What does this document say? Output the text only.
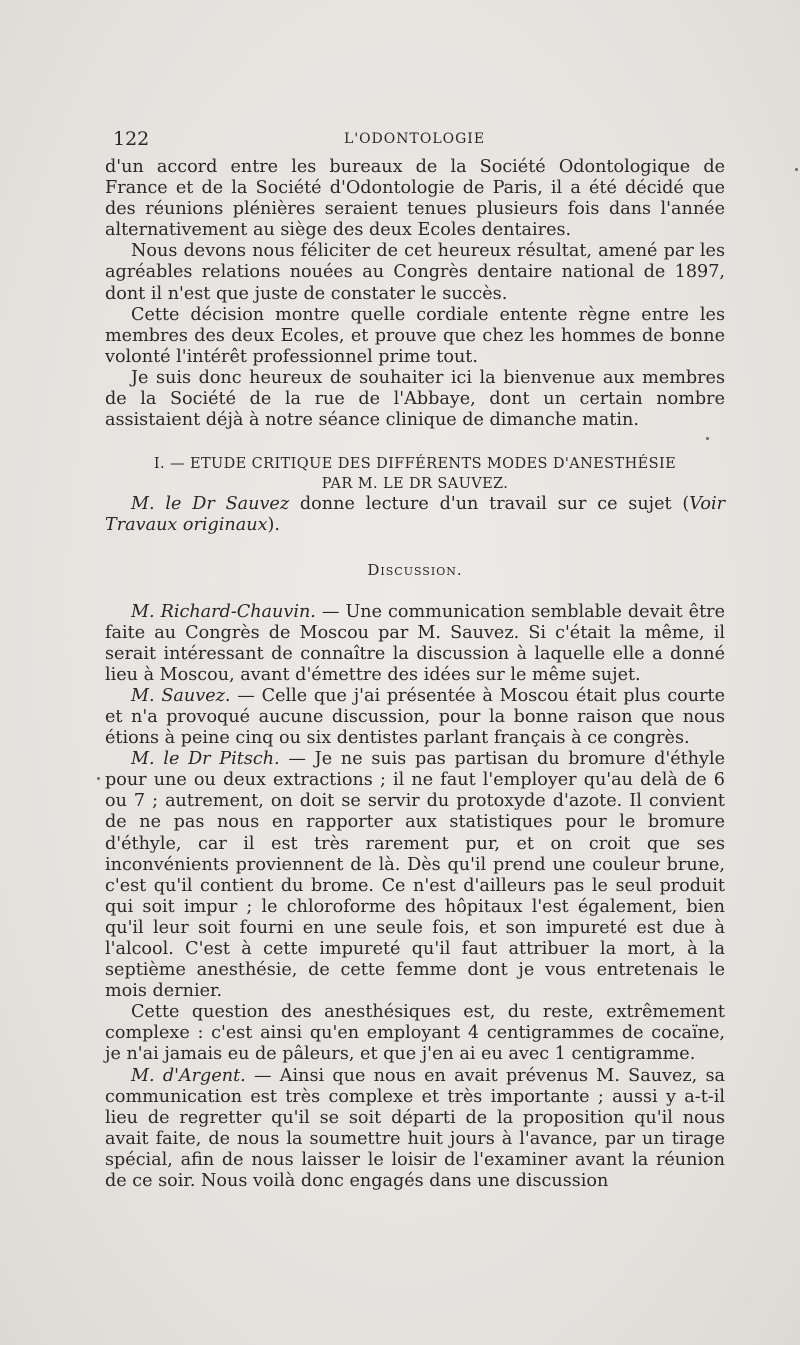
122	L'ODONTOLOGIE

d'un accord entre les bureaux de la Société Odontologique de France et de la Société d'Odontologie de Paris, il a été décidé que des réunions plénières seraient tenues plusieurs fois dans l'année alternativement au siège des deux Ecoles dentaires.

Nous devons nous féliciter de cet heureux résultat, amené par les agréables relations nouées au Congrès dentaire national de 1897, dont il n'est que juste de constater le succès.

Cette décision montre quelle cordiale entente règne entre les membres des deux Ecoles, et prouve que chez les hommes de bonne volonté l'intérêt professionnel prime tout.

Je suis donc heureux de souhaiter ici la bienvenue aux membres de la Société de la rue de l'Abbaye, dont un certain nombre assistaient déjà à notre séance clinique de dimanche matin.

I. — ETUDE CRITIQUE DES DIFFÉRENTS MODES D'ANESTHÉSIE
PAR M. LE DR SAUVEZ.

M. le Dr Sauvez donne lecture d'un travail sur ce sujet (Voir Travaux originaux).

Discussion.

M. Richard-Chauvin. — Une communication semblable devait être faite au Congrès de Moscou par M. Sauvez. Si c'était la même, il serait intéressant de connaître la discussion à laquelle elle a donné lieu à Moscou, avant d'émettre des idées sur le même sujet.

M. Sauvez. — Celle que j'ai présentée à Moscou était plus courte et n'a provoqué aucune discussion, pour la bonne raison que nous étions à peine cinq ou six dentistes parlant français à ce congrès.

M. le Dr Pitsch. — Je ne suis pas partisan du bromure d'éthyle pour une ou deux extractions ; il ne faut l'employer qu'au delà de 6 ou 7 ; autrement, on doit se servir du protoxyde d'azote. Il convient de ne pas nous en rapporter aux statistiques pour le bromure d'éthyle, car il est très rarement pur, et on croit que ses inconvénients proviennent de là. Dès qu'il prend une couleur brune, c'est qu'il contient du brome. Ce n'est d'ailleurs pas le seul produit qui soit impur ; le chloroforme des hôpitaux l'est également, bien qu'il leur soit fourni en une seule fois, et son impureté est due à l'alcool. C'est à cette impureté qu'il faut attribuer la mort, à la septième anesthésie, de cette femme dont je vous entretenais le mois dernier.

Cette question des anesthésiques est, du reste, extrêmement complexe : c'est ainsi qu'en employant 4 centigrammes de cocaïne, je n'ai jamais eu de pâleurs, et que j'en ai eu avec 1 centigramme.

M. d'Argent. — Ainsi que nous en avait prévenus M. Sauvez, sa communication est très complexe et très importante ; aussi y a-t-il lieu de regretter qu'il se soit départi de la proposition qu'il nous avait faite, de nous la soumettre huit jours à l'avance, par un tirage spécial, afin de nous laisser le loisir de l'examiner avant la réunion de ce soir. Nous voilà donc engagés dans une discussion
